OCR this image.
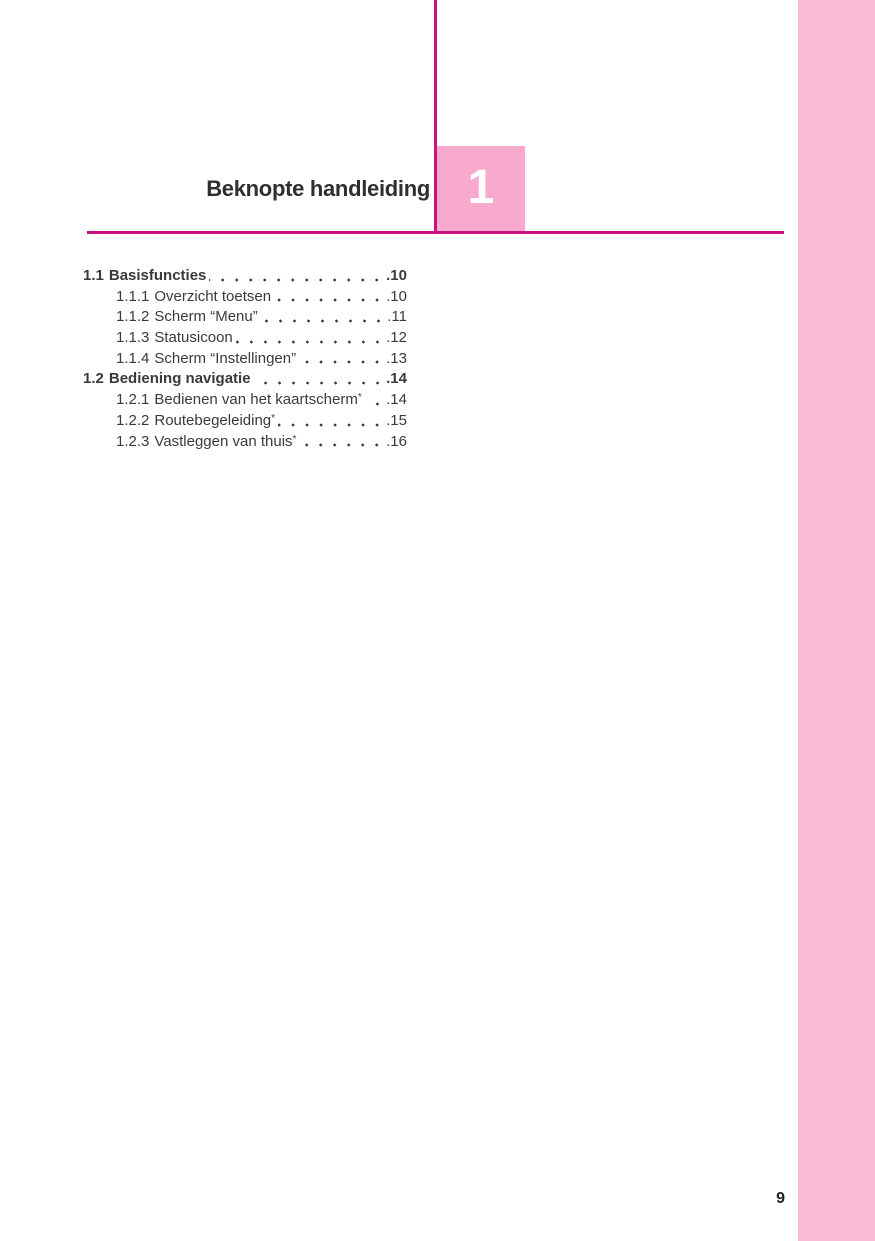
Beknopte handleiding 1
1.1 Basisfuncties	.10
1.1.1 Overzicht toetsen	.10
1.1.2 Scherm “Menu”	.11
1.1.3 Statusicoon	.12
1.1.4 Scherm “Instellingen”	.13
1.2 Bediening navigatie	.14
1.2.1 Bedienen van het kaartscherm* .14
1.2.2 Routebegeleiding*	.15
1.2.3 Vastleggen van thuis*	.16
9
